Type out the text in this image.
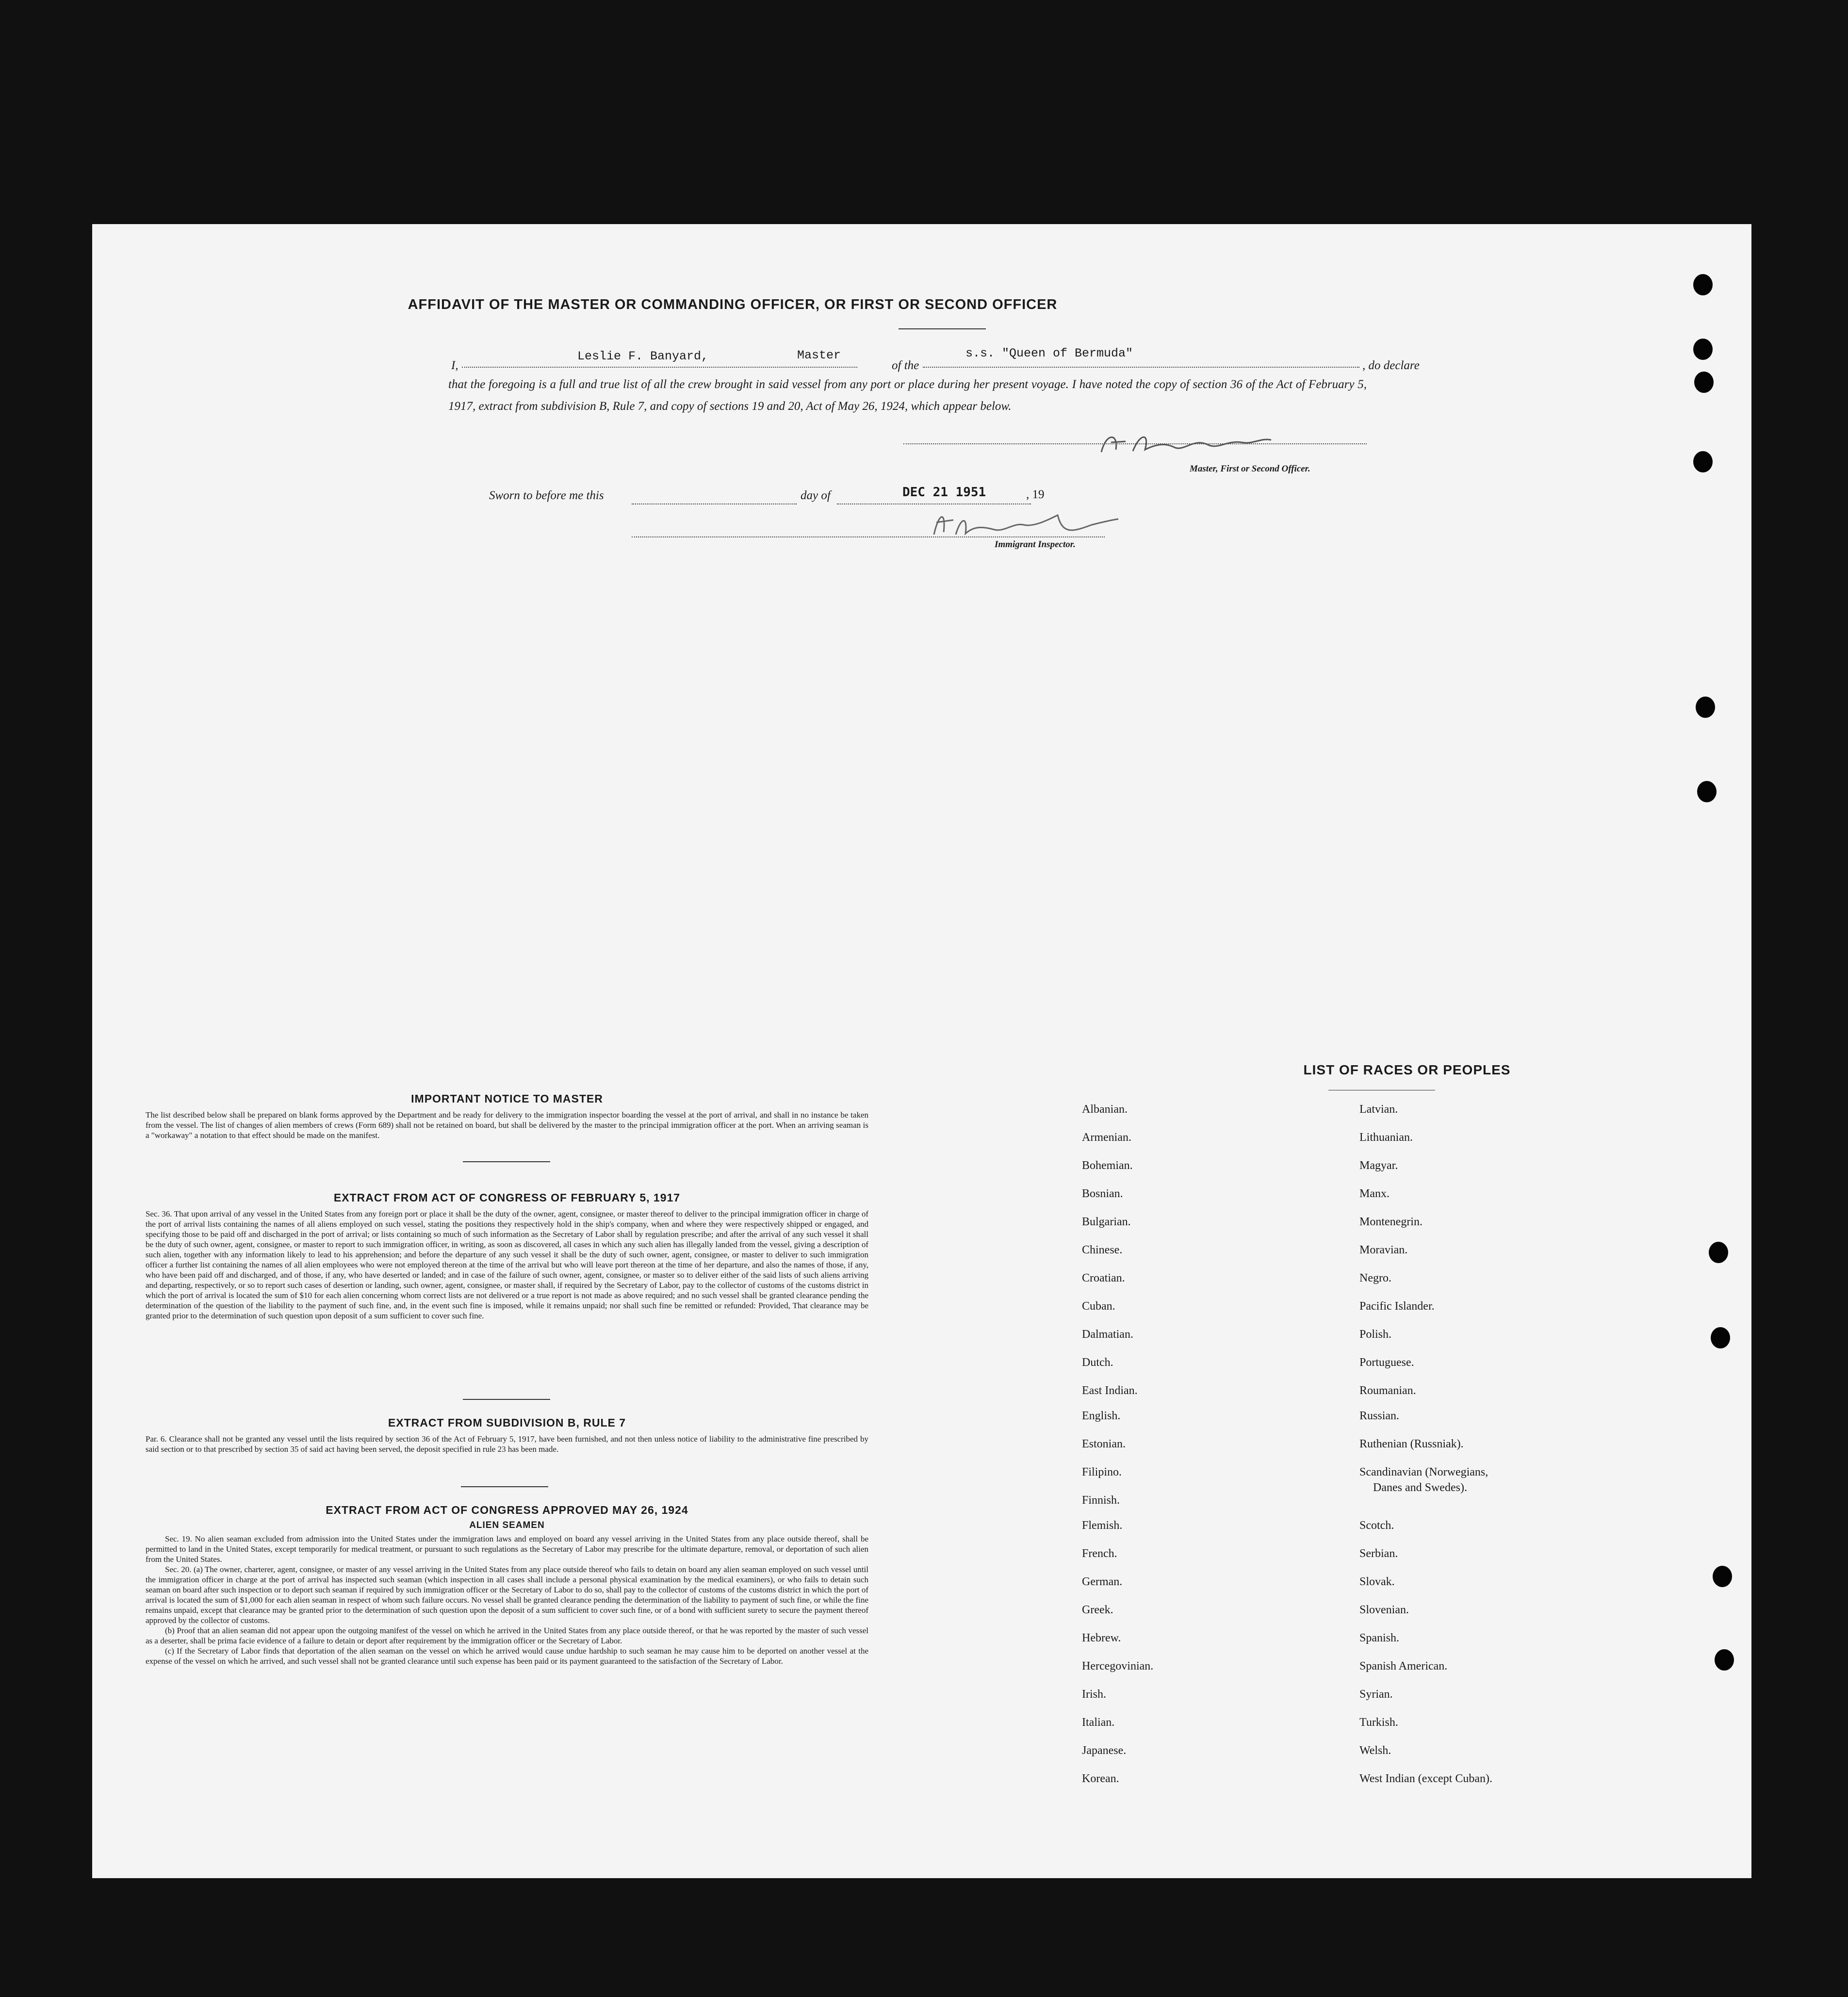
AFFIDAVIT OF THE MASTER OR COMMANDING OFFICER, OR FIRST OR SECOND OFFICER
I,
Leslie F. Banyard,	Master
of the
s.s. "Queen of Bermuda"
, do declare
that the foregoing is a full and true list of all the crew brought in said vessel from any port or place during her present voyage. I have noted the copy of section 36 of the Act of February 5, 1917, extract from subdivision B, Rule 7, and copy of sections 19 and 20, Act of May 26, 1924, which appear below.
Master, First or Second Officer.
Sworn to before me this	day of	DEC 21 1951	, 19
Immigrant Inspector.
IMPORTANT NOTICE TO MASTER
The list described below shall be prepared on blank forms approved by the Department and be ready for delivery to the immigration inspector boarding the vessel at the port of arrival, and shall in no instance be taken from the vessel. The list of changes of alien members of crews (Form 689) shall not be retained on board, but shall be delivered by the master to the principal immigration officer at the port. When an arriving seaman is a "workaway" a notation to that effect should be made on the manifest.
EXTRACT FROM ACT OF CONGRESS OF FEBRUARY 5, 1917
Sec. 36. That upon arrival of any vessel in the United States from any foreign port or place it shall be the duty of the owner, agent, consignee, or master thereof to deliver to the principal immigration officer in charge of the port of arrival lists containing the names of all aliens employed on such vessel, stating the positions they respectively hold in the ship's company, when and where they were respectively shipped or engaged, and specifying those to be paid off and discharged in the port of arrival; or lists containing so much of such information as the Secretary of Labor shall by regulation prescribe; and after the arrival of any such vessel it shall be the duty of such owner, agent, consignee, or master to report to such immigration officer, in writing, as soon as discovered, all cases in which any such alien has illegally landed from the vessel, giving a description of such alien, together with any information likely to lead to his apprehension; and before the departure of any such vessel it shall be the duty of such owner, agent, consignee, or master to deliver to such immigration officer a further list containing the names of all alien employees who were not employed thereon at the time of the arrival but who will leave port thereon at the time of her departure, and also the names of those, if any, who have been paid off and discharged, and of those, if any, who have deserted or landed; and in case of the failure of such owner, agent, consignee, or master so to deliver either of the said lists of such aliens arriving and departing, respectively, or so to report such cases of desertion or landing, such owner, agent, consignee, or master shall, if required by the Secretary of Labor, pay to the collector of customs of the customs district in which the port of arrival is located the sum of $10 for each alien concerning whom correct lists are not delivered or a true report is not made as above required; and no such vessel shall be granted clearance pending the determination of the question of the liability to the payment of such fine, and, in the event such fine is imposed, while it remains unpaid; nor shall such fine be remitted or refunded: Provided, That clearance may be granted prior to the determination of such question upon deposit of a sum sufficient to cover such fine.
EXTRACT FROM SUBDIVISION B, RULE 7
Par. 6. Clearance shall not be granted any vessel until the lists required by section 36 of the Act of February 5, 1917, have been furnished, and not then unless notice of liability to the administrative fine prescribed by said section or to that prescribed by section 35 of said act having been served, the deposit specified in rule 23 has been made.
EXTRACT FROM ACT OF CONGRESS APPROVED MAY 26, 1924
ALIEN SEAMEN

Sec. 19. No alien seaman excluded from admission into the United States under the immigration laws and employed on board any vessel arriving in the United States from any place outside thereof, shall be permitted to land in the United States, except temporarily for medical treatment, or pursuant to such regulations as the Secretary of Labor may prescribe for the ultimate departure, removal, or deportation of such alien from the United States.

Sec. 20. (a) The owner, charterer, agent, consignee, or master of any vessel arriving in the United States from any place outside thereof who fails to detain on board any alien seaman employed on such vessel until the immigration officer in charge at the port of arrival has inspected such seaman (which inspection in all cases shall include a personal physical examination by the medical examiners), or who fails to detain such seaman on board after such inspection or to deport such seaman if required by such immigration officer or the Secretary of Labor to do so, shall pay to the collector of customs of the customs district in which the port of arrival is located the sum of $1,000 for each alien seaman in respect of whom such failure occurs. No vessel shall be granted clearance pending the determination of the liability to payment of such fine, or while the fine remains unpaid, except that clearance may be granted prior to the determination of such question upon the deposit of a sum sufficient to cover such fine, or of a bond with sufficient surety to secure the payment thereof approved by the collector of customs.

(b) Proof that an alien seaman did not appear upon the outgoing manifest of the vessel on which he arrived in the United States from any place outside thereof, or that he was reported by the master of such vessel as a deserter, shall be prima facie evidence of a failure to detain or deport after requirement by the immigration officer or the Secretary of Labor.

(c) If the Secretary of Labor finds that deportation of the alien seaman on the vessel on which he arrived would cause undue hardship to such seaman he may cause him to be deported on another vessel at the expense of the vessel on which he arrived, and such vessel shall not be granted clearance until such expense has been paid or its payment guaranteed to the satisfaction of the Secretary of Labor.

LIST OF RACES OR PEOPLES
Albanian.
Armenian.
Bohemian.
Bosnian.
Bulgarian.
Chinese.
Croatian.
Cuban.
Dalmatian.
Dutch.
East Indian.
English.
Estonian.
Filipino.
Finnish.
Flemish.
French.
German.
Greek.
Hebrew.
Hercegovinian.
Irish.
Italian.
Japanese.
Korean.
Latvian.
Lithuanian.
Magyar.
Manx.
Montenegrin.
Moravian.
Negro.
Pacific Islander.
Polish.
Portuguese.
Roumanian.
Russian.
Ruthenian (Russniak).
Scandinavian (Norwegians,
Danes and Swedes).
Scotch.
Serbian.
Slovak.
Slovenian.
Spanish.
Spanish American.
Syrian.
Turkish.
Welsh.
West Indian (except Cuban).
